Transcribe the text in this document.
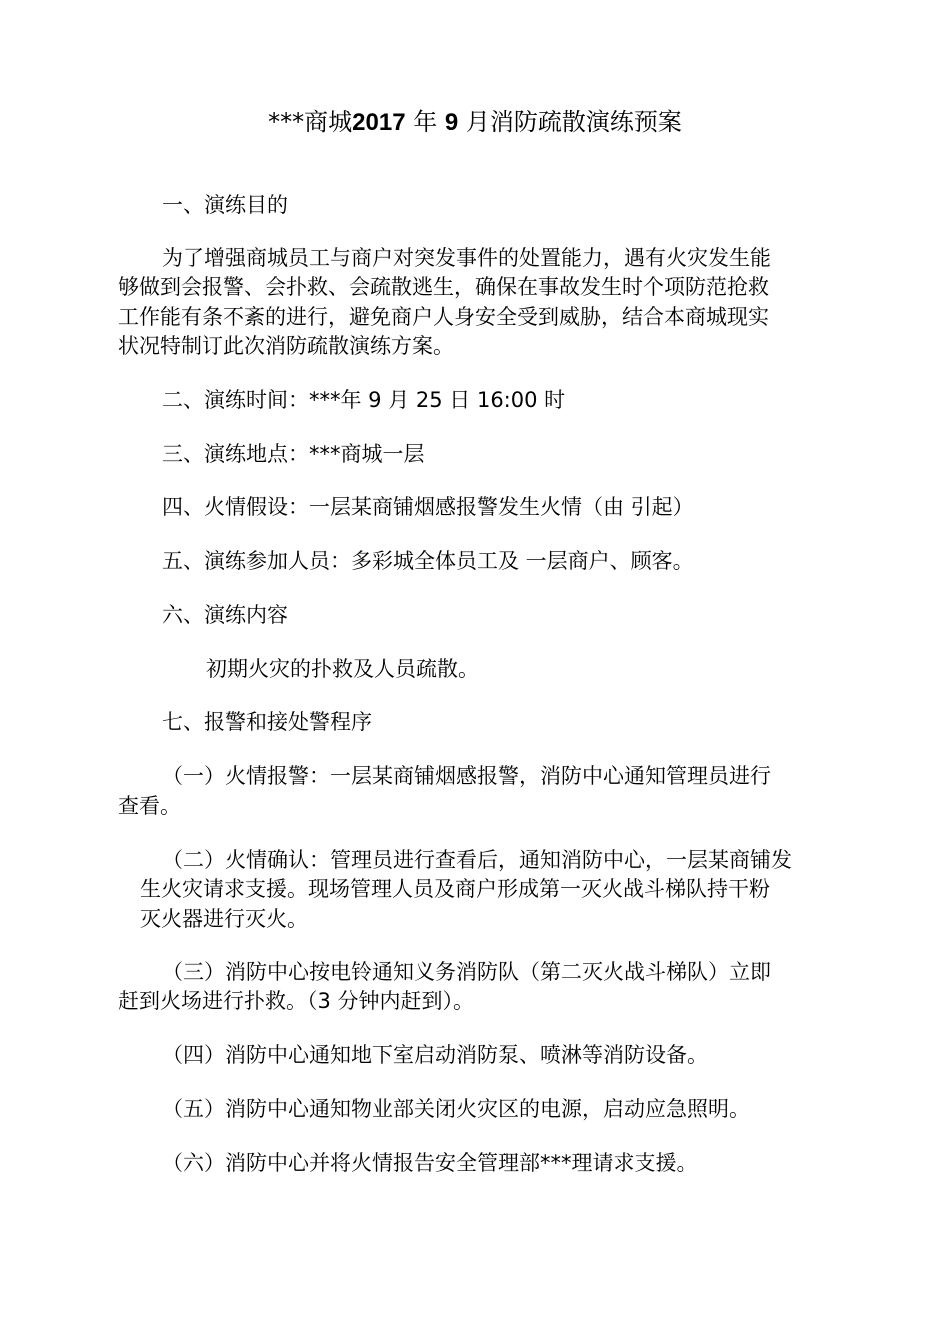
***商城2017 年 9 月消防疏散演练预案
一、演练目的
为了增强商城员工与商户对突发事件的处置能力，遇有火灾发生能
够做到会报警、会扑救、会疏散逃生，确保在事故发生时个项防范抢救
工作能有条不紊的进行，避免商户人身安全受到威胁，结合本商城现实
状况特制订此次消防疏散演练方案。
二、演练时间：***年 9 月 25 日 16:00 时
三、演练地点：***商城一层
四、火情假设：一层某商铺烟感报警发生火情（由 引起）
五、演练参加人员：多彩城全体员工及 一层商户、顾客。
六、演练内容
初期火灾的扑救及人员疏散。
七、报警和接处警程序
（一）火情报警：一层某商铺烟感报警，消防中心通知管理员进行
查看。
（二）火情确认：管理员进行查看后，通知消防中心，一层某商铺发
生火灾请求支援。现场管理人员及商户形成第一灭火战斗梯队持干粉
灭火器进行灭火。
（三）消防中心按电铃通知义务消防队（第二灭火战斗梯队）立即
赶到火场进行扑救。（3 分钟内赶到）。
（四）消防中心通知地下室启动消防泵、喷淋等消防设备。
（五）消防中心通知物业部关闭火灾区的电源，启动应急照明。
（六）消防中心并将火情报告安全管理部***理请求支援。
